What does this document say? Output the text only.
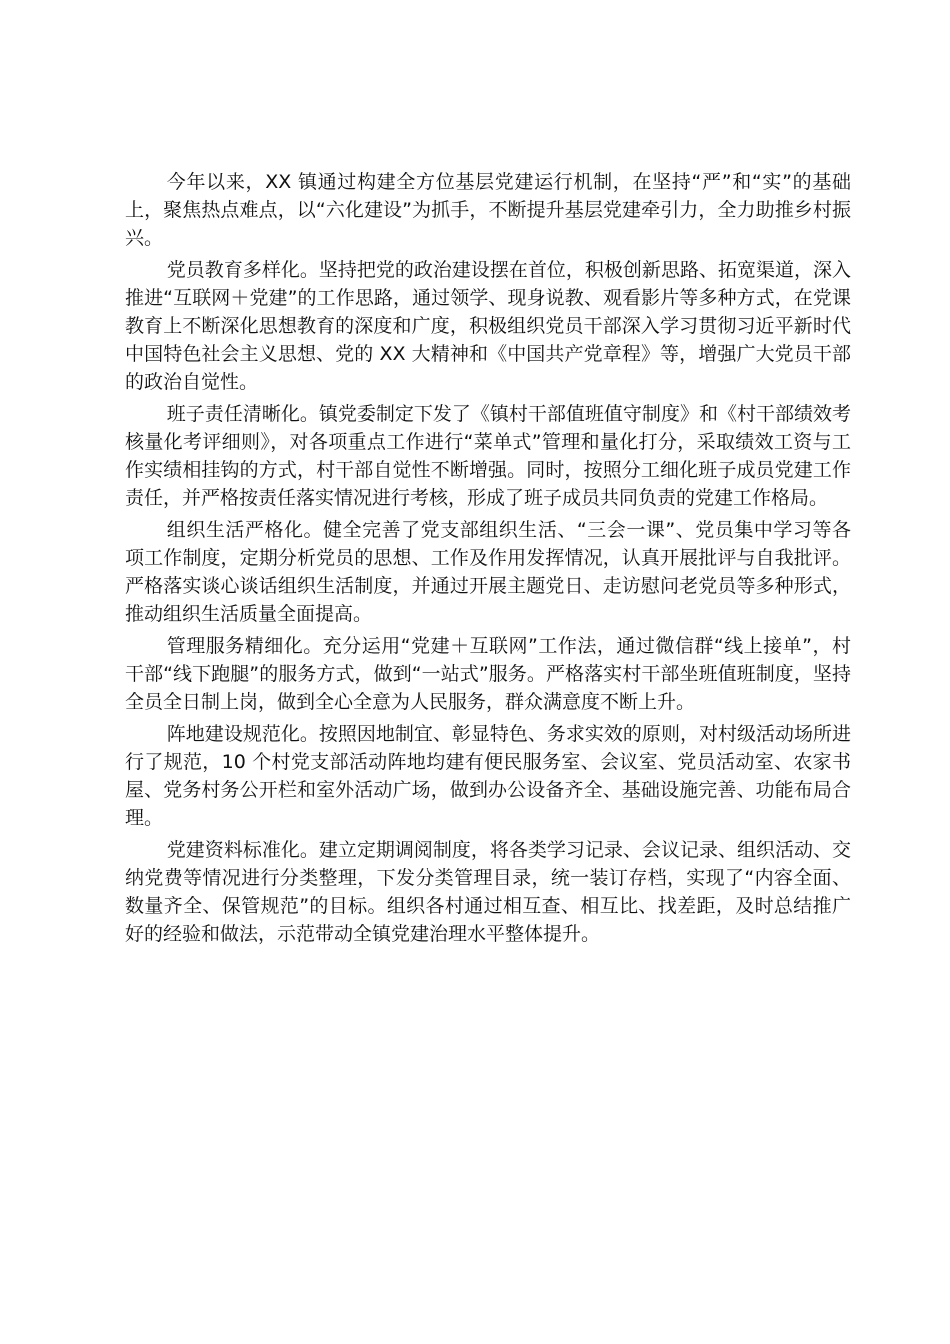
今年以来，XX 镇通过构建全方位基层党建运行机制，在坚持“严”和“实”的基础上，聚焦热点难点，以“六化建设”为抓手，不断提升基层党建牵引力，全力助推乡村振兴。

党员教育多样化。坚持把党的政治建设摆在首位，积极创新思路、拓宽渠道，深入推进“互联网＋党建”的工作思路，通过领学、现身说教、观看影片等多种方式，在党课教育上不断深化思想教育的深度和广度，积极组织党员干部深入学习贯彻习近平新时代中国特色社会主义思想、党的 XX 大精神和《中国共产党章程》等，增强广大党员干部的政治自觉性。

班子责任清晰化。镇党委制定下发了《镇村干部值班值守制度》和《村干部绩效考核量化考评细则》，对各项重点工作进行“菜单式”管理和量化打分，采取绩效工资与工作实绩相挂钩的方式，村干部自觉性不断增强。同时，按照分工细化班子成员党建工作责任，并严格按责任落实情况进行考核，形成了班子成员共同负责的党建工作格局。

组织生活严格化。健全完善了党支部组织生活、“三会一课”、党员集中学习等各项工作制度，定期分析党员的思想、工作及作用发挥情况，认真开展批评与自我批评。严格落实谈心谈话组织生活制度，并通过开展主题党日、走访慰问老党员等多种形式，推动组织生活质量全面提高。

管理服务精细化。充分运用“党建＋互联网”工作法，通过微信群“线上接单”，村干部“线下跑腿”的服务方式，做到“一站式”服务。严格落实村干部坐班值班制度，坚持全员全日制上岗，做到全心全意为人民服务，群众满意度不断上升。

阵地建设规范化。按照因地制宜、彰显特色、务求实效的原则，对村级活动场所进行了规范，10 个村党支部活动阵地均建有便民服务室、会议室、党员活动室、农家书屋、党务村务公开栏和室外活动广场，做到办公设备齐全、基础设施完善、功能布局合理。

党建资料标准化。建立定期调阅制度，将各类学习记录、会议记录、组织活动、交纳党费等情况进行分类整理，下发分类管理目录，统一装订存档，实现了“内容全面、数量齐全、保管规范”的目标。组织各村通过相互查、相互比、找差距，及时总结推广好的经验和做法，示范带动全镇党建治理水平整体提升。
